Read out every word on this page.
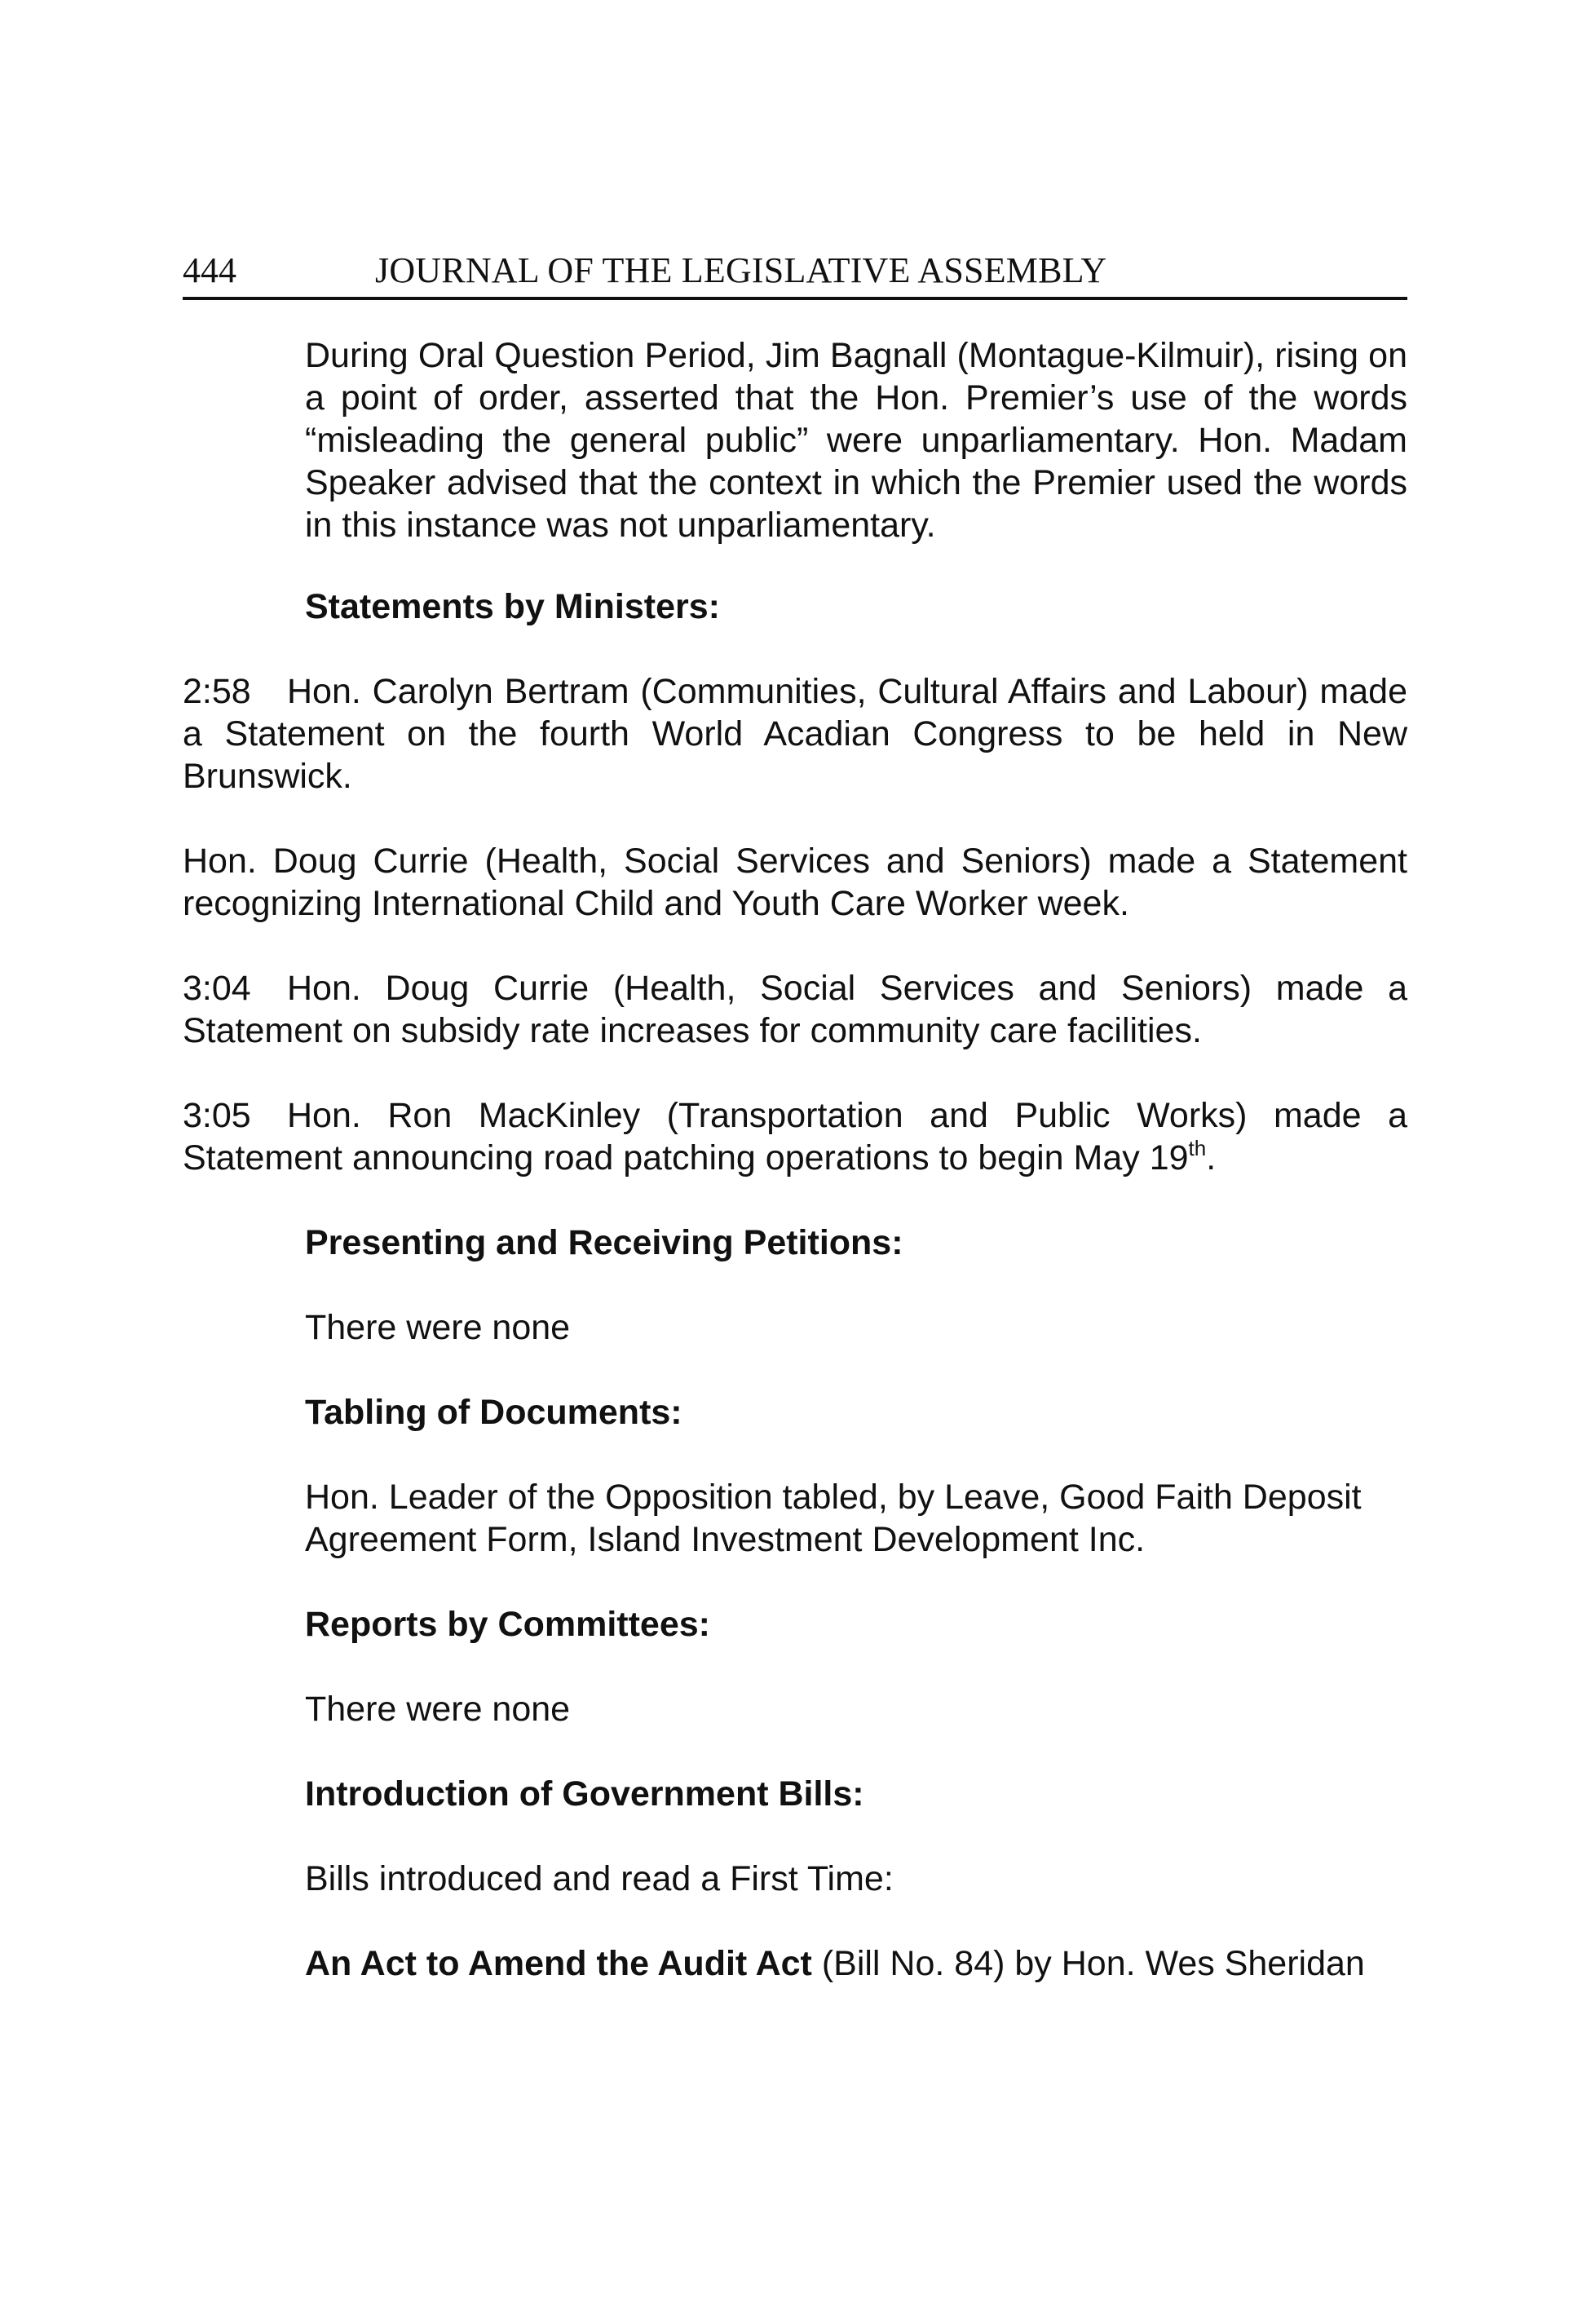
444	JOURNAL OF THE LEGISLATIVE ASSEMBLY

During Oral Question Period, Jim Bagnall (Montague-Kilmuir), rising on a point of order, asserted that the Hon. Premier’s use of the words “misleading the general public” were unparliamentary. Hon. Madam Speaker advised that the context in which the Premier used the words in this instance was not unparliamentary.

Statements by Ministers:

2:58 Hon. Carolyn Bertram (Communities, Cultural Affairs and Labour) made a Statement on the fourth World Acadian Congress to be held in New Brunswick.

Hon. Doug Currie (Health, Social Services and Seniors) made a Statement recognizing International Child and Youth Care Worker week.

3:04 Hon. Doug Currie (Health, Social Services and Seniors) made a Statement on subsidy rate increases for community care facilities.

3:05 Hon. Ron MacKinley (Transportation and Public Works) made a Statement announcing road patching operations to begin May 19th.

Presenting and Receiving Petitions:

There were none

Tabling of Documents:

Hon. Leader of the Opposition tabled, by Leave, Good Faith Deposit Agreement Form, Island Investment Development Inc.

Reports by Committees:

There were none

Introduction of Government Bills:

Bills introduced and read a First Time:

An Act to Amend the Audit Act (Bill No. 84) by Hon. Wes Sheridan
